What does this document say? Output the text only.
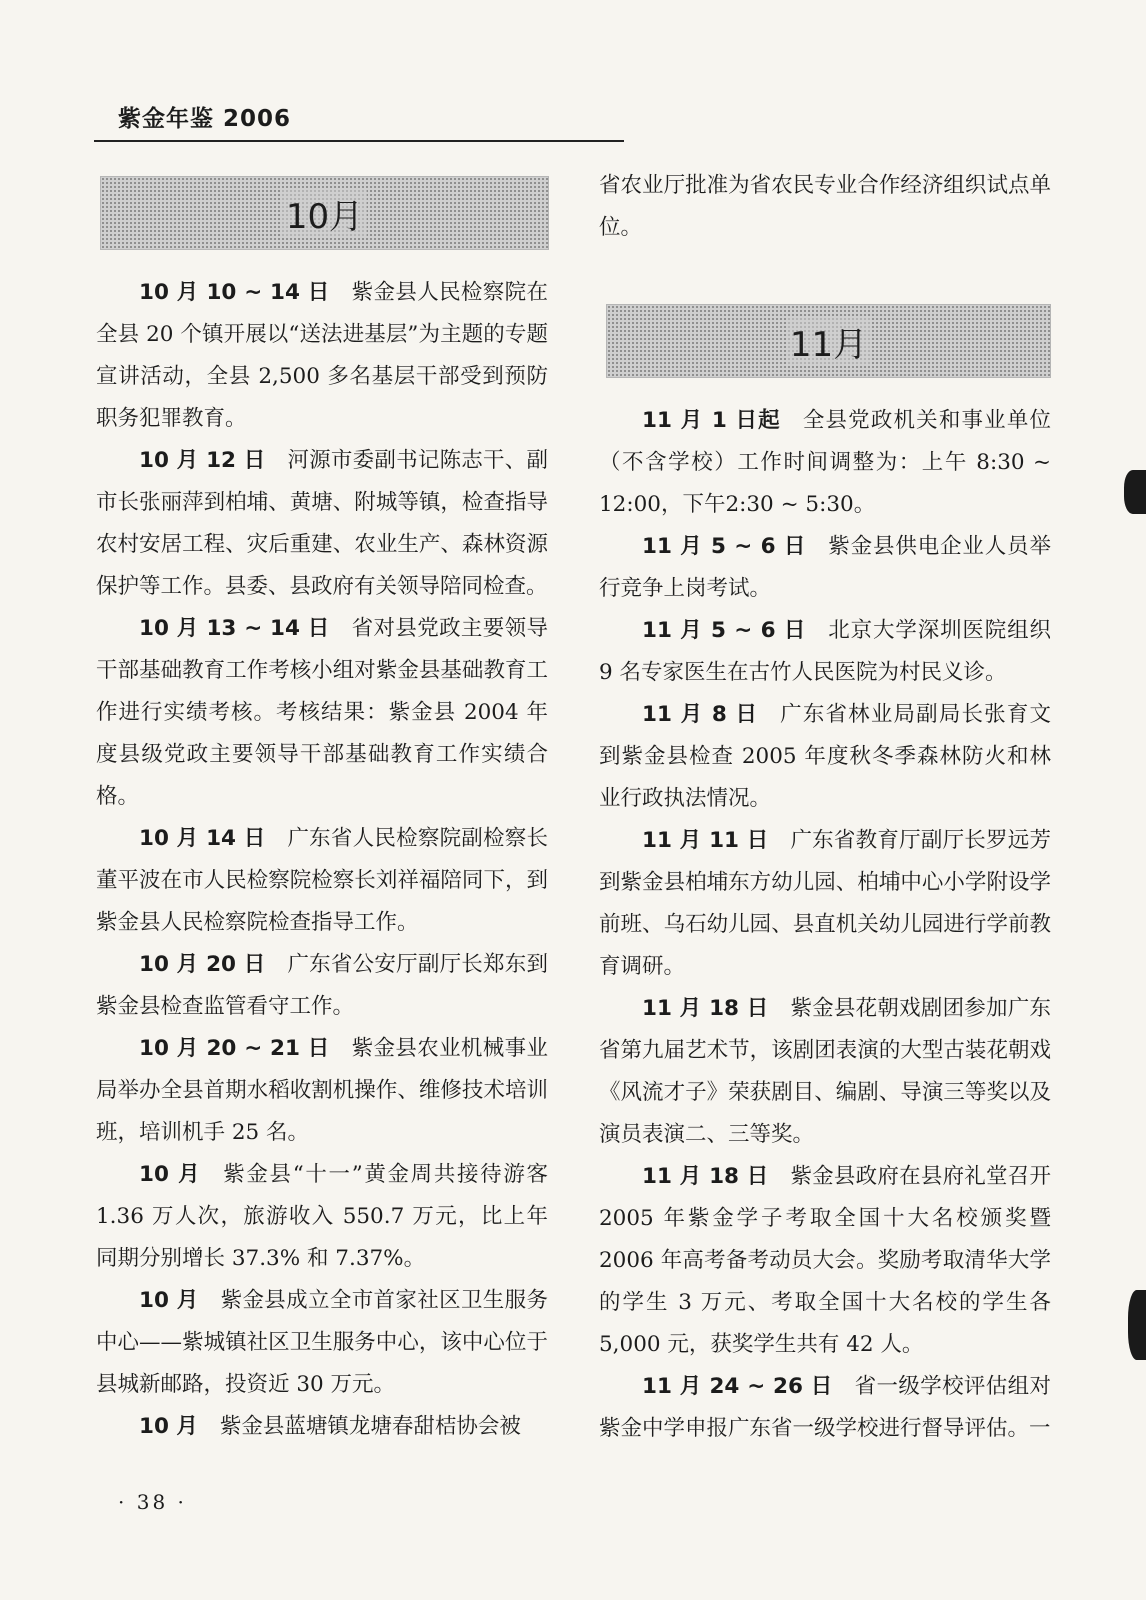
紫金年鉴 2006
10月

10 月 10 ~ 14 日 紫金县人民检察院在全县 20 个镇开展以“送法进基层”为主题的专题宣讲活动，全县 2,500 多名基层干部受到预防职务犯罪教育。

10 月 12 日 河源市委副书记陈志干、副市长张丽萍到柏埔、黄塘、附城等镇，检查指导农村安居工程、灾后重建、农业生产、森林资源保护等工作。县委、县政府有关领导陪同检查。

10 月 13 ~ 14 日 省对县党政主要领导干部基础教育工作考核小组对紫金县基础教育工作进行实绩考核。考核结果：紫金县 2004 年度县级党政主要领导干部基础教育工作实绩合格。

10 月 14 日 广东省人民检察院副检察长董平波在市人民检察院检察长刘祥福陪同下，到紫金县人民检察院检查指导工作。

10 月 20 日 广东省公安厅副厅长郑东到紫金县检查监管看守工作。

10 月 20 ~ 21 日 紫金县农业机械事业局举办全县首期水稻收割机操作、维修技术培训班，培训机手 25 名。

10 月 紫金县“十一”黄金周共接待游客 1.36 万人次，旅游收入 550.7 万元，比上年同期分别增长 37.3% 和 7.37%。

10 月 紫金县成立全市首家社区卫生服务中心——紫城镇社区卫生服务中心，该中心位于县城新邮路，投资近 30 万元。

10 月 紫金县蓝塘镇龙塘春甜桔协会被

省农业厅批准为省农民专业合作经济组织试点单位。

11月

11 月 1 日起 全县党政机关和事业单位（不含学校）工作时间调整为：上午 8:30 ~ 12:00，下午2:30 ~ 5:30。

11 月 5 ~ 6 日 紫金县供电企业人员举行竞争上岗考试。

11 月 5 ~ 6 日 北京大学深圳医院组织 9 名专家医生在古竹人民医院为村民义诊。

11 月 8 日 广东省林业局副局长张育文到紫金县检查 2005 年度秋冬季森林防火和林业行政执法情况。

11 月 11 日 广东省教育厅副厅长罗远芳到紫金县柏埔东方幼儿园、柏埔中心小学附设学前班、乌石幼儿园、县直机关幼儿园进行学前教育调研。

11 月 18 日 紫金县花朝戏剧团参加广东省第九届艺术节，该剧团表演的大型古装花朝戏《风流才子》荣获剧目、编剧、导演三等奖以及演员表演二、三等奖。

11 月 18 日 紫金县政府在县府礼堂召开 2005 年紫金学子考取全国十大名校颁奖暨 2006 年高考备考动员大会。奖励考取清华大学的学生 3 万元、考取全国十大名校的学生各 5,000 元，获奖学生共有 42 人。

11 月 24 ~ 26 日 省一级学校评估组对紫金中学申报广东省一级学校进行督导评估。一

· 38 ·
